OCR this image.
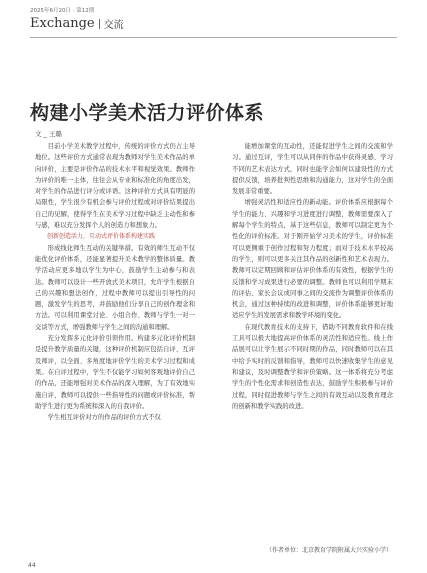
2025年6月20日 · 第12期
Exchange 交流
构建小学美术活力评价体系
文 _ 王璐

目前小学美术教学过程中，传统的评价方式仍占主导地位。这些评价方式通常表现为教师对学生美术作品的单向评价，主要是评价作品的技术水平和视觉效果。教师作为评价的唯一主体，往往会从专业和标准化的角度出发，对学生的作品进行评分或评语。这种评价方式具有明显的局限性，学生很少有机会参与评价过程或对评价结果提出自己的见解，使得学生在美术学习过程中缺乏主动性和参与感，难以充分发挥个人的创造力和想象力。

创新创造活力，互动式评价体系构建实践

形成线化师生互动的关键举措。有效的师生互动不仅能优化评价体系，还能显著提升美术教学的整体质量。教学活动应更多地以学生为中心，鼓励学生主动参与和表达。教师可以设计一些开放式美术项目，允许学生根据自己的兴趣和想法创作，过程中教师可以提出引导性的问题，激发学生的思考，并鼓励他们分享自己的创作理念和方法。可以利用课堂讨论、小组合作、教师与学生一对一交谈等方式，增强教师与学生之间的沟通和理解。

充分发挥多元化评价引领作用。构建多元化评价机制是提升教学质量的关键，这种评价机制应包括自评、互评及师评，以全面、多角度地评价学生的美术学习过程和成果。在自评过程中，学生不仅能学习如何客观地评价自己的作品，还能增强对美术作品的深入理解，为了有效地实施自评，教师可以提供一些指导性的问题或评价标准，帮助学生进行更为系统和深入的自我评价。

学生相互评价对方的作品的评价方式不仅

能增加课堂的互动性，还能促进学生之间的交流和学习。通过互评，学生可以从同伴的作品中获得灵感、学习不同的艺术表达方式，同时也能学会如何以建设性的方式提供反馈，培养批判性思维和沟通能力，这对学生的全面发展非常重要。

增强灵活性和适应性的新动能。评价体系应根据每个学生的能力、兴趣和学习进度进行调整，教师需要深入了解每个学生的特点，基于这些信息，教师可以制定更为个性化的评价标准。对于刚开始学习美术的学生，评价标准可以更侧重于创作过程和努力程度；而对于技术水平较高的学生，则可以更多关注其作品的创新性和艺术表现力。教师可以定期回顾和评估评价体系的有效性，根据学生的反馈和学习成果进行必要的调整。教师也可以利用学期末的评估、家长会议或同事之间的交流作为调整评价体系的机会，通过这种持续的改进和调整，评价体系能够更好地适应学生的发展需求和教学环境的变化。

在现代教育技术的支持下，借助不同教育软件和在线工具可以极大地提高评价体系的灵活性和适应性。线上作品展可以让学生展示不同时期的作品，同时教师可以在其中给予实时的反馈和指导，教师可以快速收集学生的意见和建议，及时调整教学和评价策略。这一体系将充分考虑学生的个性化需求和创造性表达，鼓励学生积极参与评价过程，同时促进教师与学生之间的有效互动以及教育理念的创新和教学实践的改进。

（作者单位：北京教育学院附属大兴实验小学）
44
